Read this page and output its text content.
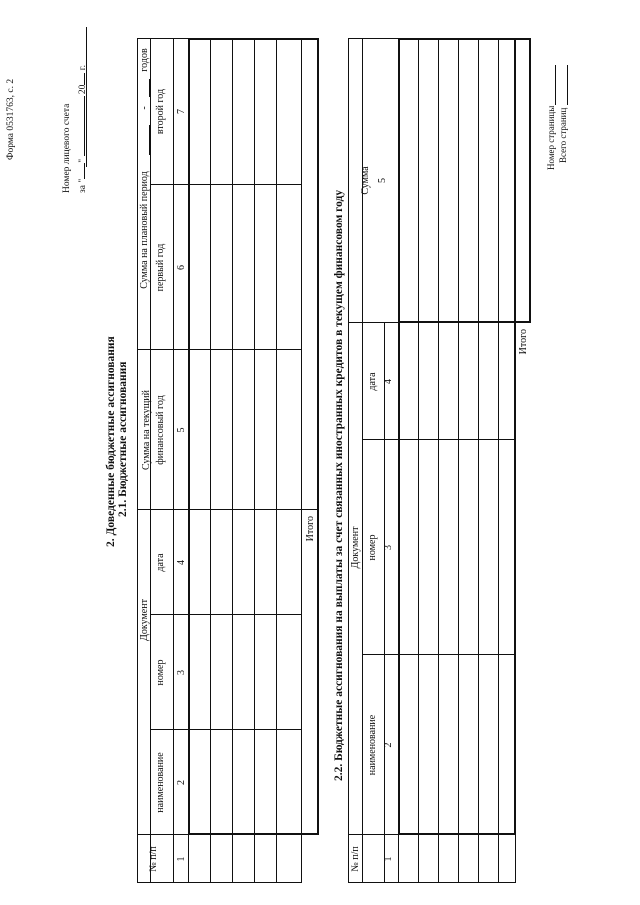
Форма 0531763, с. 2	Номер лицевого счета за ""  20 г.
2. Доведенные бюджетные ассигнования 2.1. Бюджетные ассигнования
№ п/п
Документ
наименование
номер
дата
Сумма на текущий финансовый год
Сумма на плановый период
-
годов
первый год
второй год
1
2
3
4
5
6
7
Итого 2.2. Бюджетные ассигнования на выплаты за счет связанных иностранных кредитов в текущем финансовом году
№ п/п
Документ
наименование
номер
дата
Сумма
1
2
3
4
5
Итого
Номер страницы Всего страниц
